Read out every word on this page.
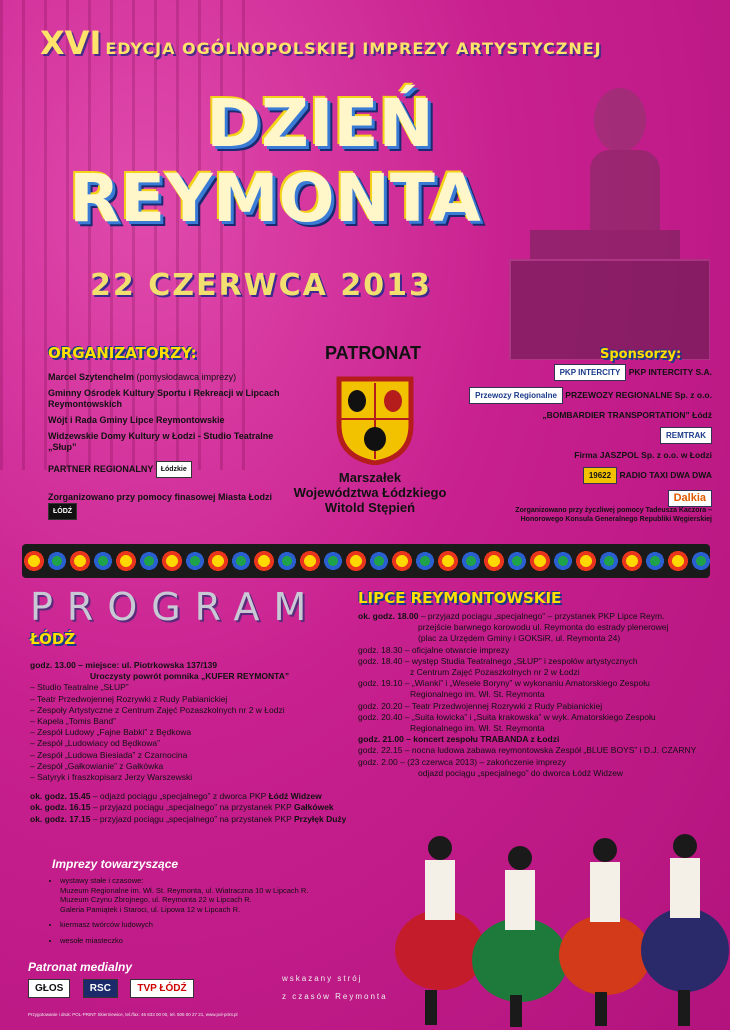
XVI EDYCJA OGÓLNOPOLSKIEJ IMPREZY ARTYSTYCZNEJ
DZIEŃ
REYMONTA
22 CZERWCA 2013
ORGANIZATORZY:
Marcel Szytenchelm (pomysłodawca imprezy)
Gminny Ośrodek Kultury Sportu i Rekreacji w Lipcach Reymontowskich
Wójt i Rada Gminy Lipce Reymontowskie
Widzewskie Domy Kultury w Łodzi - Studio Teatralne „Słup”
PARTNER REGIONALNY Łódzkie
Zorganizowano przy pomocy finasowej Miasta Łodzi ŁÓDŹ
PATRONAT
Marszałek
Województwa Łódzkiego
Witold Stępień
Sponsorzy:
PKP INTERCITY PKP INTERCITY S.A.
Przewozy Regionalne PRZEWOZY REGIONALNE Sp. z o.o.
„BOMBARDIER TRANSPORTATION” Łódź
REMTRAK
Firma JASZPOL Sp. z o.o. w Łodzi
19622 RADIO TAXI DWA DWA
Dalkia
Zorganizowano przy życzliwej pomocy Tadeusza Kaczora – Honorowego Konsula Generalnego Republiki Węgierskiej
PROGRAM	LIPCE REYMONTOWSKIE
ŁÓDŹ
godz. 13.00 – miejsce: ul. Piotrkowska 137/139
Uroczysty powrót pomnika „KUFER REYMONTA”
– Studio Teatralne „SŁUP”
– Teatr Przedwojennej Rozrywki z Rudy Pabianickiej
– Zespoły Artystyczne z Centrum Zajęć Pozaszkolnych nr 2 w Łodzi
– Kapela „Tomis Band”
– Zespół Ludowy „Fajne Babki” z Będkowa
– Zespół „Ludowiacy od Będkowa”
– Zespół „Ludowa Biesiada” z Czarnocina
– Zespół „Gałkowianie” z Gałkówka
– Satyryk i fraszkopisarz Jerzy Warszewski
ok. godz. 15.45 – odjazd pociągu „specjalnego” z dworca PKP Łódź Widzew
ok. godz. 16.15 – przyjazd pociągu „specjalnego” na przystanek PKP Gałkówek
ok. godz. 17.15 – przyjazd pociągu „specjalnego” na przystanek PKP Przyłęk Duży
ok. godz. 18.00 – przyjazd pociągu „specjalnego” – przystanek PKP Lipce Reym.
przejście barwnego korowodu ul. Reymonta do estrady plenerowej
(plac za Urzędem Gminy i GOKSiR, ul. Reymonta 24)
godz. 18.30 – oficjalne otwarcie imprezy
godz. 18.40 – występ Studia Teatralnego „SŁUP” i zespołów artystycznych
z Centrum Zajęć Pozaszkolnych nr 2 w Łodzi
godz. 19.10 – „Wianki” i „Wesele Boryny” w wykonaniu Amatorskiego Zespołu
Regionalnego im. Wł. St. Reymonta
godz. 20.20 – Teatr Przedwojennej Rozrywki z Rudy Pabianickiej
godz. 20.40 – „Suita łowicka” i „Suita krakowska” w wyk. Amatorskiego Zespołu
Regionalnego im. Wł. St. Reymonta
godz. 21.00 – koncert zespołu TRABANDA z Łodzi
godz. 22.15 – nocna ludowa zabawa reymontowska Zespół „BLUE BOYS” i D.J. CZARNY
godz. 2.00 – (23 czerwca 2013) – zakończenie imprezy
odjazd pociągu „specjalnego” do dworca Łódź Widzew
Imprezy towarzyszące
• wystawy stałe i czasowe:
Muzeum Regionalne im. Wł. St. Reymonta, ul. Wiatraczna 10 w Lipcach R.
Muzeum Czynu Zbrojnego, ul. Reymonta 22 w Lipcach R.
Galeria Pamiątek i Staroci, ul. Lipowa 12 w Lipcach R.
• kiermasz twórców ludowych
• wesołe miasteczko
Patronat medialny
GŁOS	RSC	TVP ŁÓDŹ
wskazany strój
z czasów Reymonta
Przygotowanie i druk: POL-PRINT Skierniewice, tel./fax: 46 833 00 00, tel. 505 00 27 21, www.pol-print.pl
